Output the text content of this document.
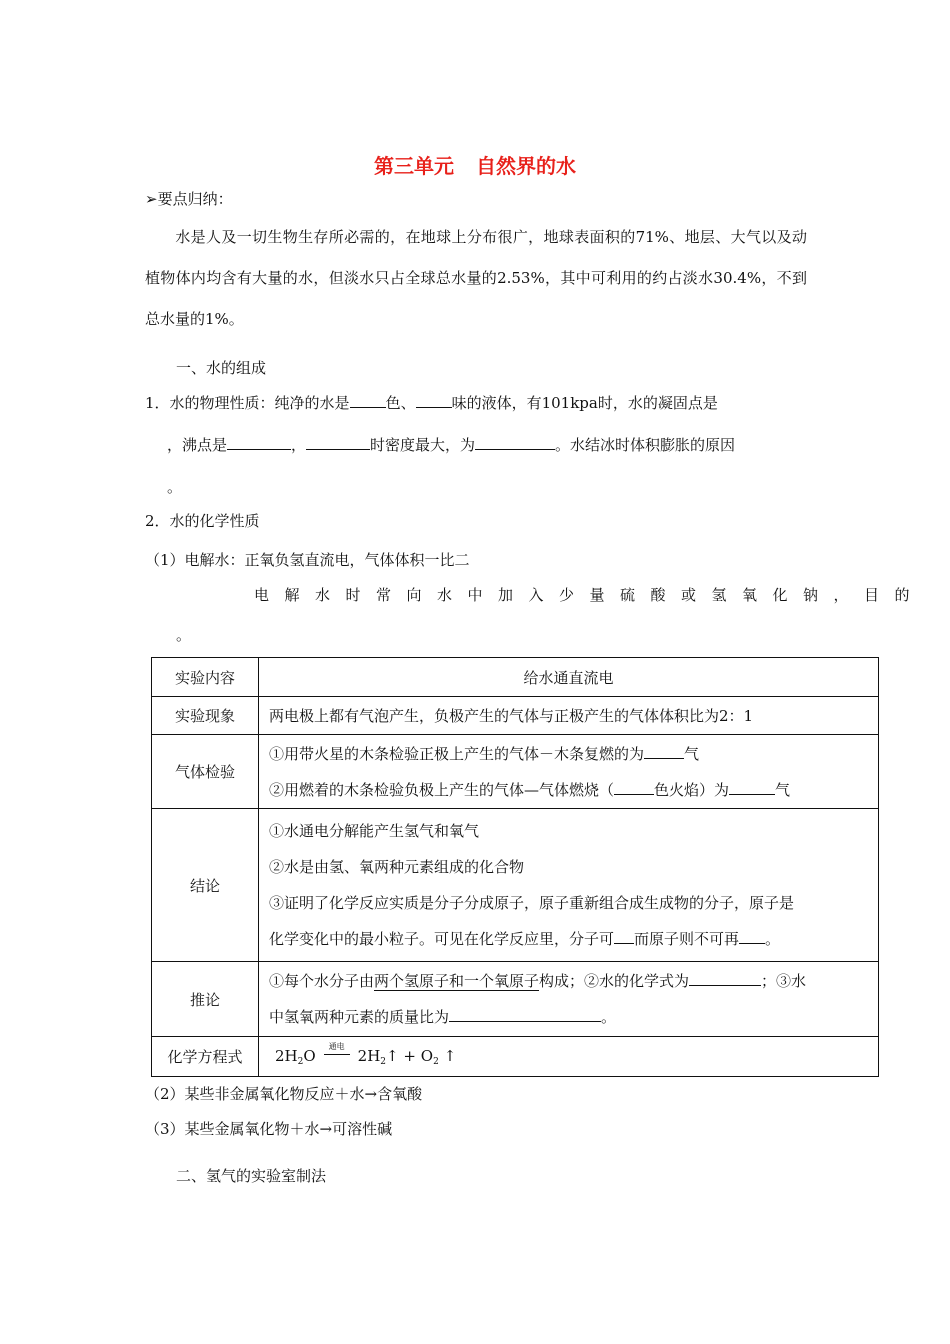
第三单元 自然界的水
➢要点归纳：
水是人及一切生物生存所必需的，在地球上分布很广，地球表面积的71%、地层、大气以及动植物体内均含有大量的水，但淡水只占全球总水量的2.53%，其中可利用的约占淡水30.4%，不到总水量的1%。
一、水的组成
1．水的物理性质：纯净的水是 色、 味的液体，有101kpa时，水的凝固点是
，沸点是	，	时密度最大，为	。水结冰时体积膨胀的原因
。
2．水的化学性质
（1）电解水：正氧负氢直流电，气体体积一比二
电解水时常向水中加入少量硫酸或氢氧化钠，目的
。
实验内容	给水通直流电
实验现象	两电极上都有气泡产生，负极产生的气体与正极产生的气体体积比为2：1
气体检验	①用带火星的木条检验正极上产生的气体－木条复燃的为 气
②用燃着的木条检验负极上产生的气体—气体燃烧（ 色火焰）为 气

结论	①水通电分解能产生氢气和氧气
②水是由氢、氧两种元素组成的化合物
③证明了化学反应实质是分子分成原子，原子重新组合成生成物的分子，原子是
化学变化中的最小粒子。可见在化学反应里，分子可 而原子则不可再 。

推论	①每个水分子由两个氢原子和一个氧原子构成；②水的化学式为 ；③水
中氢氧两种元素的质量比为 。

化学方程式	$2H_2O$
通电
$2H_2↑ + O_2$ ↑
（2）某些非金属氧化物反应＋水→含氧酸
（3）某些金属氧化物＋水→可溶性碱
二、氢气的实验室制法
